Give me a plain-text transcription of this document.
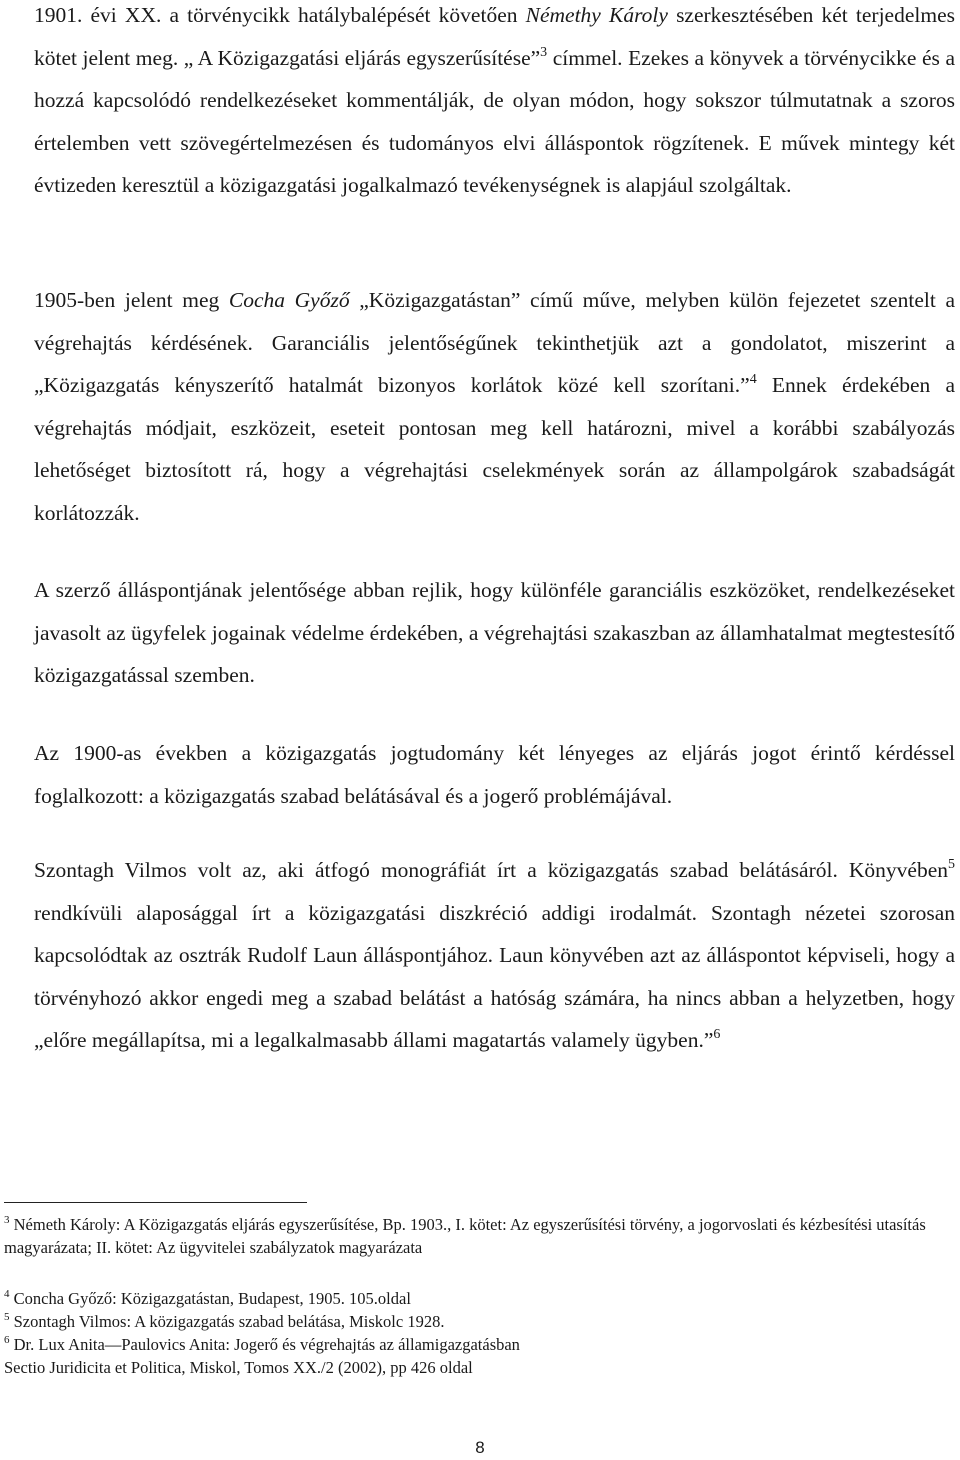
1901. évi XX. a törvénycikk hatálybalépését követően Némethy Károly szerkesztésében két terjedelmes kötet jelent meg. „ A Közigazgatási eljárás egyszerűsítése”$^3$ címmel. Ezekes a könyvek a törvénycikke és a hozzá kapcsolódó rendelkezéseket kommentálják, de olyan módon, hogy sokszor túlmutatnak a szoros értelemben vett szövegértelmezésen és tudományos elvi álláspontok rögzítenek. E művek mintegy két évtizeden keresztül a közigazgatási jogalkalmazó tevékenységnek is alapjául szolgáltak.

1905-ben jelent meg Cocha Győző „Közigazgatástan” című műve, melyben külön fejezetet szentelt a végrehajtás kérdésének. Garanciális jelentőségűnek tekinthetjük azt a gondolatot, miszerint a „Közigazgatás kényszerítő hatalmát bizonyos korlátok közé kell szorítani.”$^4$ Ennek érdekében a végrehajtás módjait, eszközeit, eseteit pontosan meg kell határozni, mivel a korábbi szabályozás lehetőséget biztosított rá, hogy a végrehajtási cselekmények során az állampolgárok szabadságát korlátozzák.

A szerző álláspontjának jelentősége abban rejlik, hogy különféle garanciális eszközöket, rendelkezéseket javasolt az ügyfelek jogainak védelme érdekében, a végrehajtási szakaszban az államhatalmat megtestesítő közigazgatással szemben.

Az 1900-as években a közigazgatás jogtudomány két lényeges az eljárás jogot érintő kérdéssel foglalkozott: a közigazgatás szabad belátásával és a jogerő problémájával.

Szontagh Vilmos volt az, aki átfogó monográfiát írt a közigazgatás szabad belátásáról. Könyvében$^5$ rendkívüli alaposággal írt a közigazgatási diszkréció addigi irodalmát. Szontagh nézetei szorosan kapcsolódtak az osztrák Rudolf Laun álláspontjához. Laun könyvében azt az álláspontot képviseli, hogy a törvényhozó akkor engedi meg a szabad belátást a hatóság számára, ha nincs abban a helyzetben, hogy „előre megállapítsa, mi a legalkalmasabb állami magatartás valamely ügyben.”$^6$

$^3$ Németh Károly: A Közigazgatás eljárás egyszerűsítése, Bp. 1903., I. kötet: Az egyszerűsítési törvény, a jogorvoslati és kézbesítési utasítás magyarázata; II. kötet: Az ügyvitelei szabályzatok magyarázata

$^4$ Concha Győző: Közigazgatástan, Budapest, 1905. 105.oldal

$^5$ Szontagh Vilmos: A közigazgatás szabad belátása, Miskolc 1928.

$^6$ Dr. Lux Anita—Paulovics Anita: Jogerő és végrehajtás az államigazgatásban

Sectio Juridicita et Politica, Miskol, Tomos XX./2 (2002), pp 426 oldal

8
